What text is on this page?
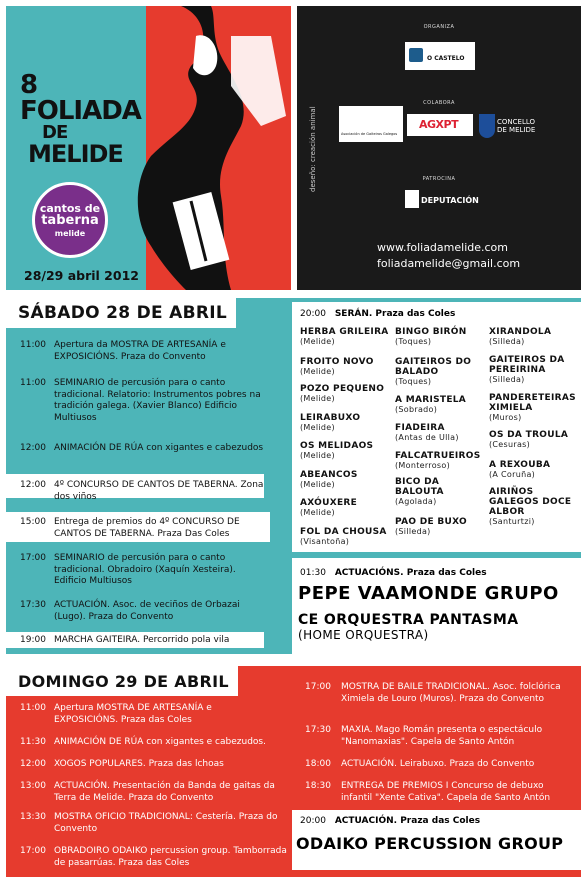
8 FOLIADA
DE
MELIDE
cantos de
taberna
melide
28/29 abril 2012
ORGANIZA
O CASTELO
COLABORA
Asociación de Gaiteiros Galegos
AGXPT	CONCELLO DE MELIDE
PATROCINA
DEPUTACIÓN
deseño: creación animal
www.foliadamelide.com
foliadamelide@gmail.com
SÁBADO 28 DE ABRIL
11:00 Apertura da MOSTRA DE ARTESANÍA e EXPOSICIÓNS. Praza do Convento
11:00 SEMINARIO de percusión para o canto tradicional. Relatorio: Instrumentos pobres na tradición galega. (Xavier Blanco) Edificio Multiusos
12:00 ANIMACIÓN DE RÚA con xigantes e cabezudos
12:00 4º CONCURSO DE CANTOS DE TABERNA. Zona dos viños
15:00 Entrega de premios do 4º CONCURSO DE CANTOS DE TABERNA. Praza Das Coles
17:00 SEMINARIO de percusión para o canto tradicional. Obradoiro (Xaquín Xesteira). Edificio Multiusos
17:30 ACTUACIÓN. Asoc. de veciños de Orbazai (Lugo). Praza do Convento
19:00 MARCHA GAITEIRA. Percorrido pola vila
20:00 SERÁN. Praza das Coles
HERBA GRILEIRA
(Melide)
FROITO NOVO
(Melide)
POZO PEQUENO
(Melide)
LEIRABUXO
(Melide)
OS MELIDAOS
(Melide)
ABEANCOS
(Melide)
AXÓUXERE
(Melide)
FOL DA CHOUSA
(Visantoña)
BINGO BIRÓN
(Toques)
GAITEIROS DO BALADO
(Toques)
A MARISTELA
(Sobrado)
FIADEIRA
(Antas de Ulla)
FALCATRUEIROS
(Monterroso)
BICO DA BALOUTA
(Agolada)
PAO DE BUXO
(Silleda)
XIRANDOLA
(Silleda)
GAITEIROS DA PEREIRINA
(Silleda)
PANDERETEIRAS XIMIELA
(Muros)
OS DA TROULA
(Cesuras)
A REXOUBA
(A Coruña)
AIRIÑOS GALEGOS DOCE ALBOR
(Santurtzi)
01:30 ACTUACIÓNS. Praza das Coles
PEPE VAAMONDE GRUPO
CE ORQUESTRA PANTASMA
(HOME ORQUESTRA)
DOMINGO 29 DE ABRIL
11:00 Apertura MOSTRA DE ARTESANÍA e EXPOSICIÓNS. Praza das Coles
11:30 ANIMACIÓN DE RÚA con xigantes e cabezudos.
12:00 XOGOS POPULARES. Praza das lchoas
13:00 ACTUACIÓN. Presentación da Banda de gaitas da Terra de Melide. Praza do Convento
13:30 MOSTRA OFICIO TRADICIONAL: Cestería. Praza do Convento
17:00 OBRADOIRO ODAIKO percussion group. Tamborrada de pasarrúas. Praza das Coles
17:00 MOSTRA DE BAILE TRADICIONAL. Asoc. folclórica Ximiela de Louro (Muros). Praza do Convento
17:30 MAXIA. Mago Román presenta o espectáculo "Nanomaxias". Capela de Santo Antón
18:00 ACTUACIÓN. Leirabuxo. Praza do Convento
18:30 ENTREGA DE PREMIOS I Concurso de debuxo infantil "Xente Cativa". Capela de Santo Antón
20:00 ACTUACIÓN. Praza das Coles
ODAIKO PERCUSSION GROUP
